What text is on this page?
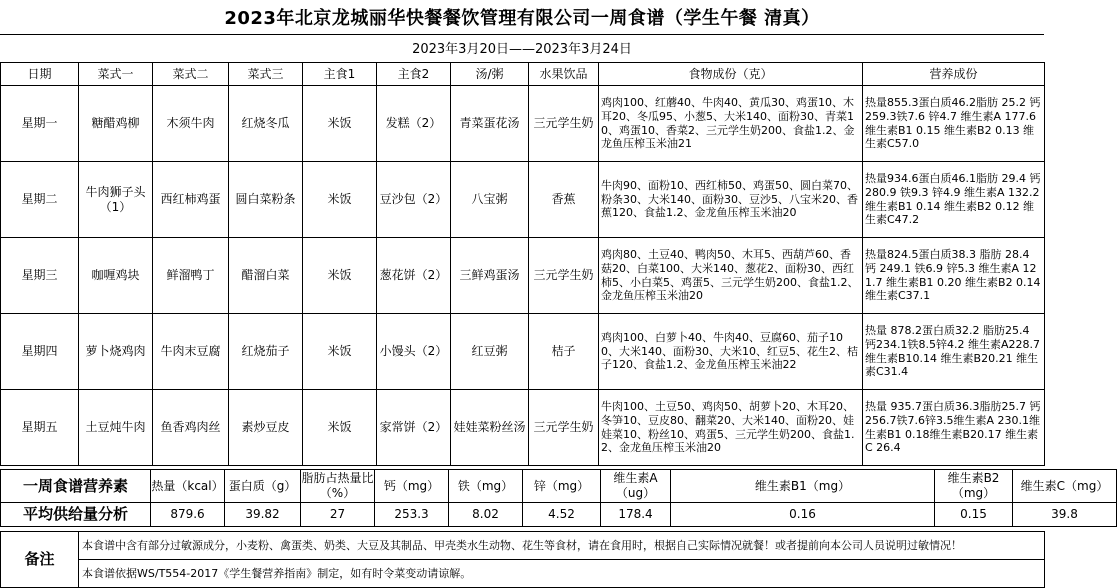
2023年北京龙城丽华快餐餐饮管理有限公司一周食谱（学生午餐 清真）
2023年3月20日——2023年3月24日
日期	菜式一	菜式二	菜式三	主食1	主食2	汤/粥	水果饮品	食物成份（克）	营养成份
星期一	糖醋鸡柳	木须牛肉	红烧冬瓜	米饭	发糕（2）	青菜蛋花汤	三元学生奶	鸡肉100、红蘑40、牛肉40、黄瓜30、鸡蛋10、木耳20、冬瓜95、小葱5、大米140、面粉30、青菜10、鸡蛋10、香菜2、三元学生奶200、食盐1.2、金龙鱼压榨玉米油21	热量855.3蛋白质46.2脂肪 25.2 钙 259.3铁7.6 锌4.7 维生素A 177.6维生素B1 0.15 维生素B2 0.13 维生素C57.0
星期二	牛肉狮子头（1）	西红柿鸡蛋	圆白菜粉条	米饭	豆沙包（2）	八宝粥	香蕉	牛肉90、面粉10、西红柿50、鸡蛋50、圆白菜70、粉条30、大米140、面粉30、豆沙5、八宝米20、香蕉120、食盐1.2、金龙鱼压榨玉米油20	热量934.6蛋白质46.1脂肪 29.4 钙 280.9 铁9.3 锌4.9 维生素A 132.2 维生素B1 0.14 维生素B2 0.12 维生素C47.2
星期三	咖喱鸡块	鲜溜鸭丁	醋溜白菜	米饭	葱花饼（2）	三鲜鸡蛋汤	三元学生奶	鸡肉80、土豆40、鸭肉50、木耳5、西葫芦60、香菇20、白菜100、大米140、葱花2、面粉30、西红柿5、小白菜5、鸡蛋5、三元学生奶200、食盐1.2、金龙鱼压榨玉米油20	热量824.5蛋白质38.3 脂肪 28.4 钙 249.1 铁6.9 锌5.3 维生素A 121.7 维生素B1 0.20 维生素B2 0.14 维生素C37.1
星期四	萝卜烧鸡肉	牛肉末豆腐	红烧茄子	米饭	小馒头（2）	红豆粥	桔子	鸡肉100、白萝卜40、牛肉40、豆腐60、茄子100、大米140、面粉30、大米10、红豆5、花生2、桔子120、食盐1.2、金龙鱼压榨玉米油22	热量 878.2蛋白质32.2 脂肪25.4 钙234.1铁8.5锌4.2 维生素A228.7 维生素B10.14 维生素B20.21 维生素C31.4
星期五	土豆炖牛肉	鱼香鸡肉丝	素炒豆皮	米饭	家常饼（2）	娃娃菜粉丝汤	三元学生奶	牛肉100、土豆50、鸡肉50、胡萝卜20、木耳20、冬笋10、豆皮80、翻菜20、大米140、面粉20、娃娃菜10、粉丝10、鸡蛋5、三元学生奶200、食盐1.2、金龙鱼压榨玉米油20	热量 935.7蛋白质36.3脂肪25.7 钙256.7铁7.6锌3.5维生素A 230.1维生素B1 0.18维生素B20.17 维生素C 26.4
一周食谱营养素	热量（kcal）	蛋白质（g）	脂肪占热量比（%）	钙（mg）	铁（mg）	锌（mg）	维生素A（ug）	维生素B1（mg）	维生素B2（mg）	维生素C（mg）
平均供给量分析	879.6	39.82	27	253.3	8.02	4.52	178.4	0.16	0.15	39.8
备注	本食谱中含有部分过敏源成分，小麦粉、禽蛋类、奶类、大豆及其制品、甲壳类水生动物、花生等食材，请在食用时，根据自己实际情况就餐！或者提前向本公司人员说明过敏情况！
本食谱依据WS/T554-2017《学生餐营养指南》制定，如有时令菜变动请谅解。
